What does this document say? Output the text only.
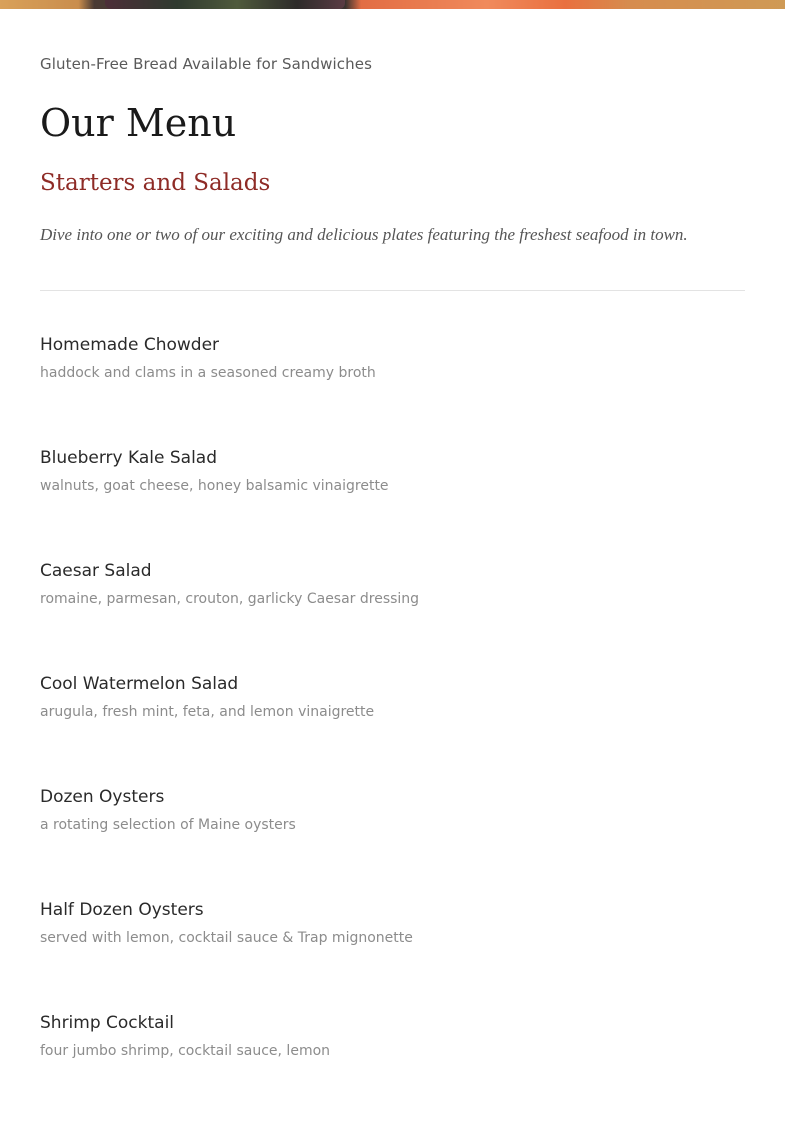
Gluten-Free Bread Available for Sandwiches

Our Menu
Starters and Salads

Dive into one or two of our exciting and delicious plates featuring the freshest seafood in town.

Homemade Chowder
haddock and clams in a seasoned creamy broth
Blueberry Kale Salad
walnuts, goat cheese, honey balsamic vinaigrette
Caesar Salad
romaine, parmesan, crouton, garlicky Caesar dressing
Cool Watermelon Salad
arugula, fresh mint, feta, and lemon vinaigrette
Dozen Oysters
a rotating selection of Maine oysters
Half Dozen Oysters
served with lemon, cocktail sauce & Trap mignonette
Shrimp Cocktail
four jumbo shrimp, cocktail sauce, lemon
